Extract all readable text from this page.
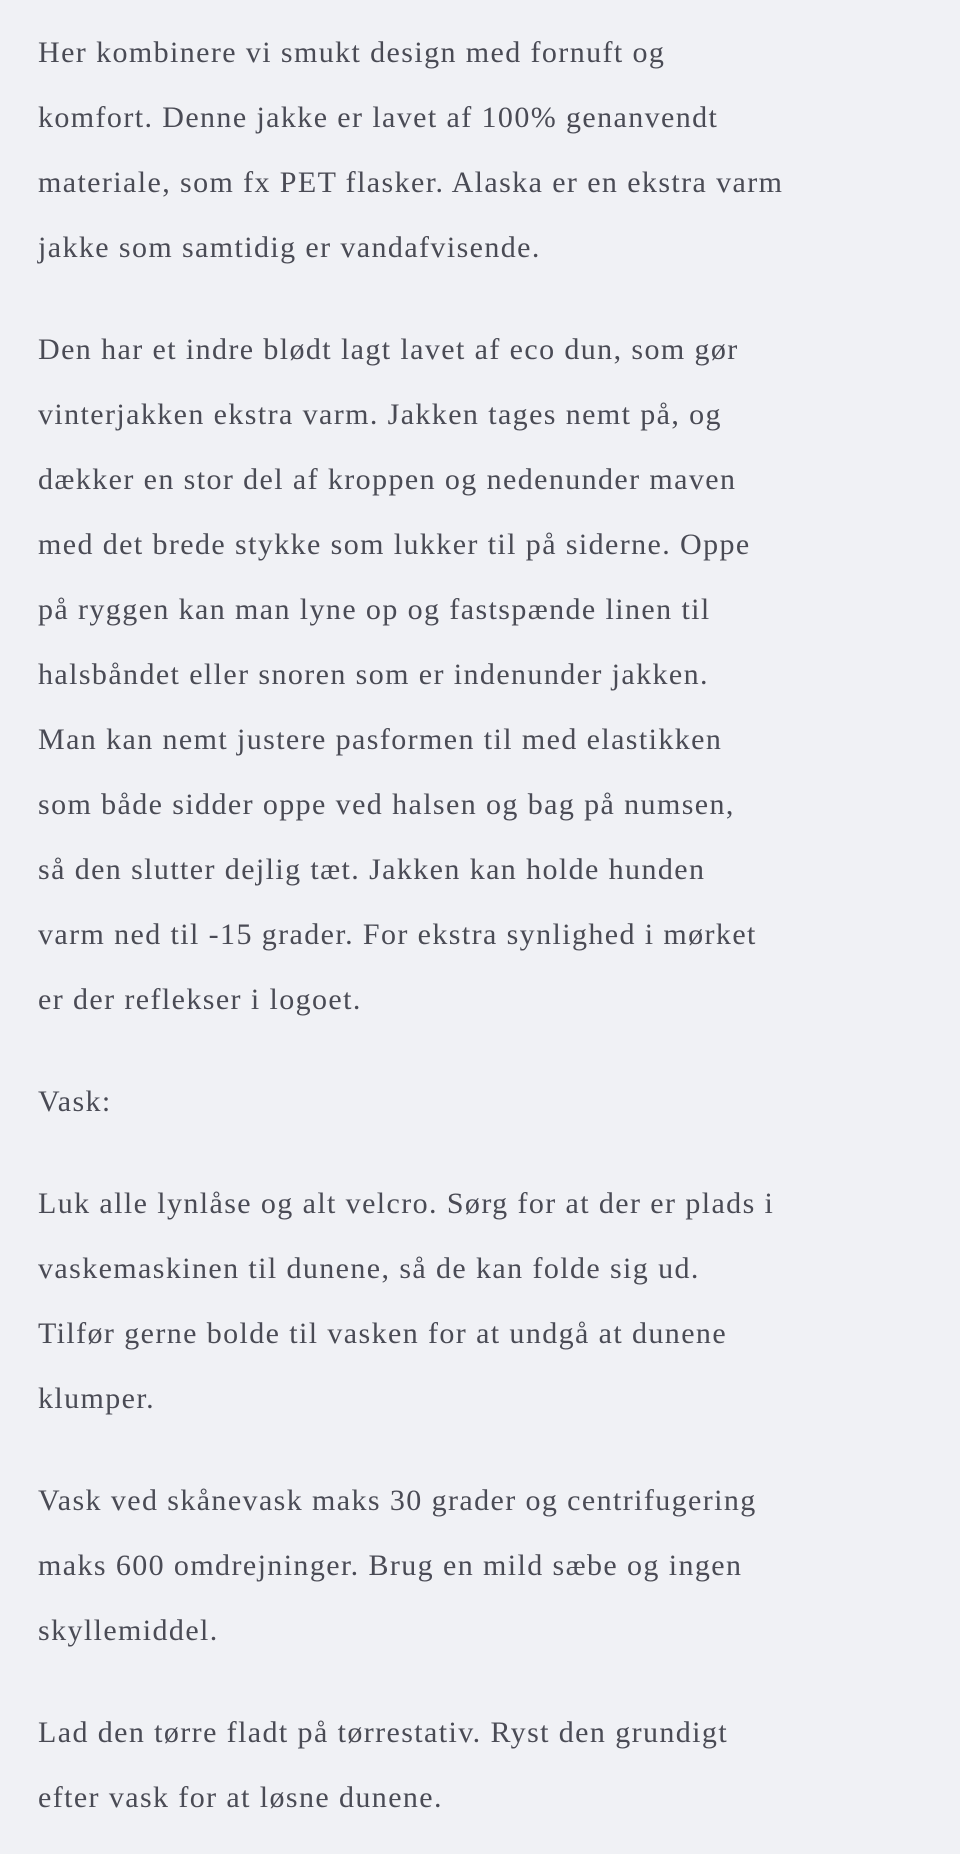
Her kombinere vi smukt design med fornuft og
komfort. Denne jakke er lavet af 100% genanvendt
materiale, som fx PET flasker. Alaska er en ekstra varm
jakke som samtidig er vandafvisende.

Den har et indre blødt lagt lavet af eco dun, som gør
vinterjakken ekstra varm. Jakken tages nemt på, og
dækker en stor del af kroppen og nedenunder maven
med det brede stykke som lukker til på siderne. Oppe
på ryggen kan man lyne op og fastspænde linen til
halsbåndet eller snoren som er indenunder jakken.
Man kan nemt justere pasformen til med elastikken
som både sidder oppe ved halsen og bag på numsen,
så den slutter dejlig tæt. Jakken kan holde hunden
varm ned til -15 grader. For ekstra synlighed i mørket
er der reflekser i logoet.

Vask:

Luk alle lynlåse og alt velcro. Sørg for at der er plads i
vaskemaskinen til dunene, så de kan folde sig ud.
Tilfør gerne bolde til vasken for at undgå at dunene
klumper.

Vask ved skånevask maks 30 grader og centrifugering
maks 600 omdrejninger. Brug en mild sæbe og ingen
skyllemiddel.

Lad den tørre fladt på tørrestativ. Ryst den grundigt
efter vask for at løsne dunene.
